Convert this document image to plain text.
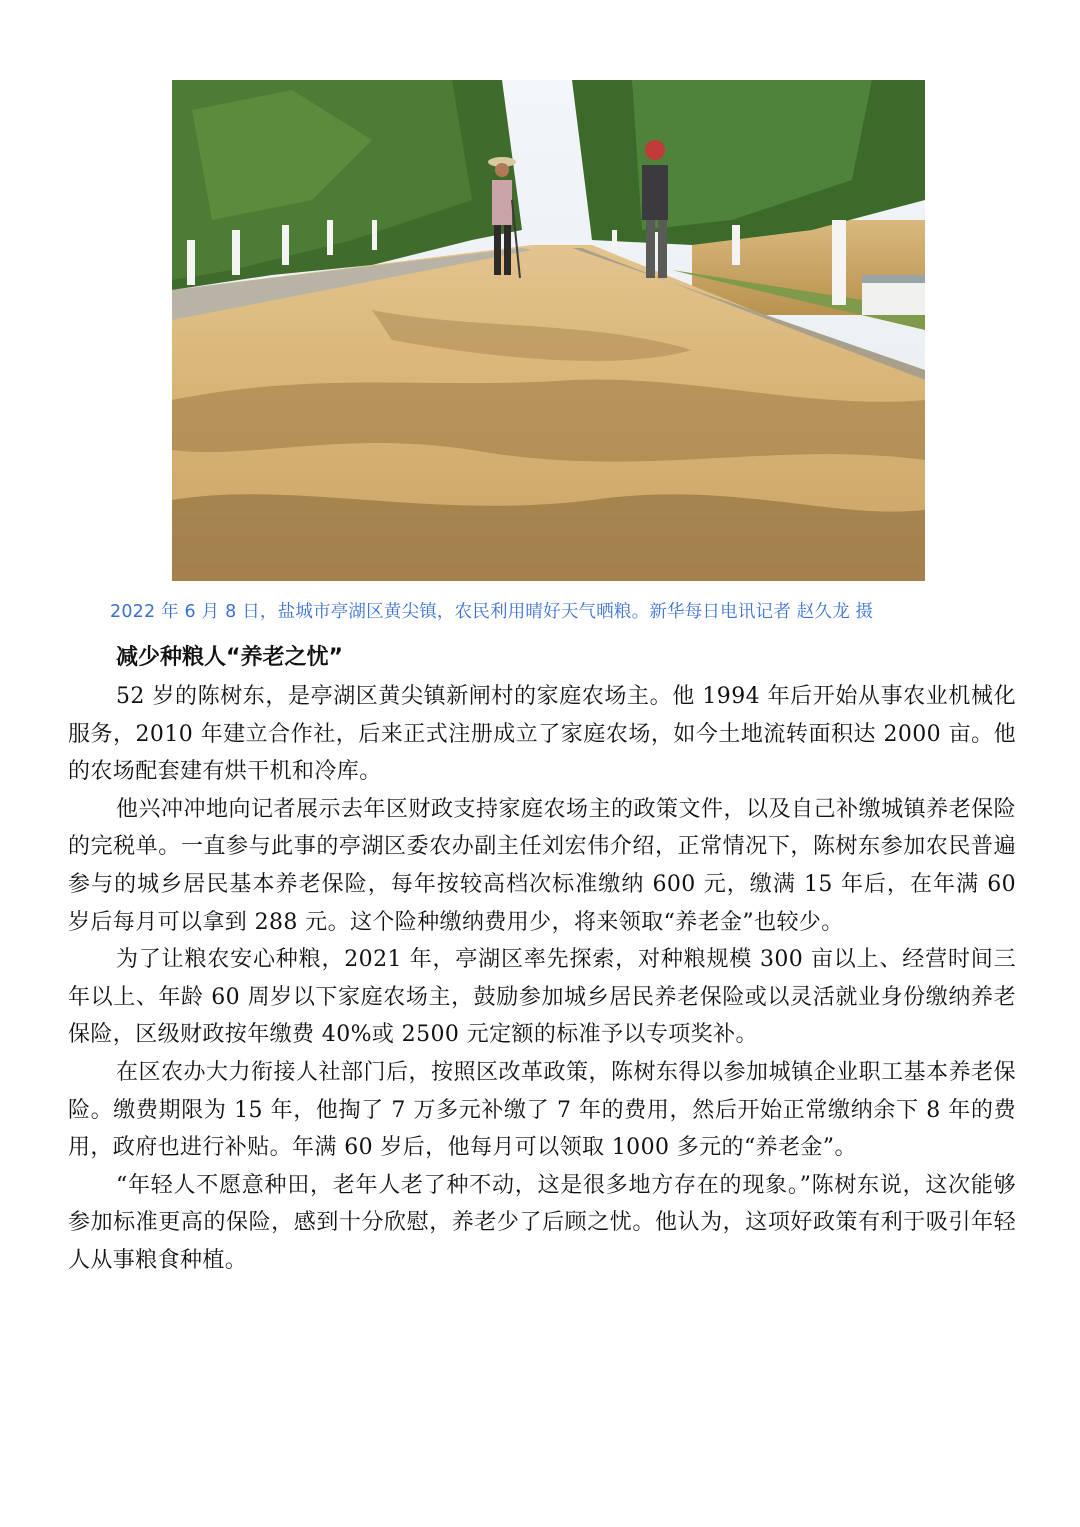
2022 年 6 月 8 日，盐城市亭湖区黄尖镇，农民利用晴好天气晒粮。新华每日电讯记者 赵久龙 摄
减少种粮人“养老之忧”

52 岁的陈树东，是亭湖区黄尖镇新闸村的家庭农场主。他 1994 年后开始从事农业机械化服务，2010 年建立合作社，后来正式注册成立了家庭农场，如今土地流转面积达 2000 亩。他的农场配套建有烘干机和冷库。

他兴冲冲地向记者展示去年区财政支持家庭农场主的政策文件，以及自己补缴城镇养老保险的完税单。一直参与此事的亭湖区委农办副主任刘宏伟介绍，正常情况下，陈树东参加农民普遍参与的城乡居民基本养老保险，每年按较高档次标准缴纳 600 元，缴满 15 年后，在年满 60 岁后每月可以拿到 288 元。这个险种缴纳费用少，将来领取“养老金”也较少。

为了让粮农安心种粮，2021 年，亭湖区率先探索，对种粮规模 300 亩以上、经营时间三年以上、年龄 60 周岁以下家庭农场主，鼓励参加城乡居民养老保险或以灵活就业身份缴纳养老保险，区级财政按年缴费 40%或 2500 元定额的标准予以专项奖补。

在区农办大力衔接人社部门后，按照区改革政策，陈树东得以参加城镇企业职工基本养老保险。缴费期限为 15 年，他掏了 7 万多元补缴了 7 年的费用，然后开始正常缴纳余下 8 年的费用，政府也进行补贴。年满 60 岁后，他每月可以领取 1000 多元的“养老金”。

“年轻人不愿意种田，老年人老了种不动，这是很多地方存在的现象。”陈树东说，这次能够参加标准更高的保险，感到十分欣慰，养老少了后顾之忧。他认为，这项好政策有利于吸引年轻人从事粮食种植。
